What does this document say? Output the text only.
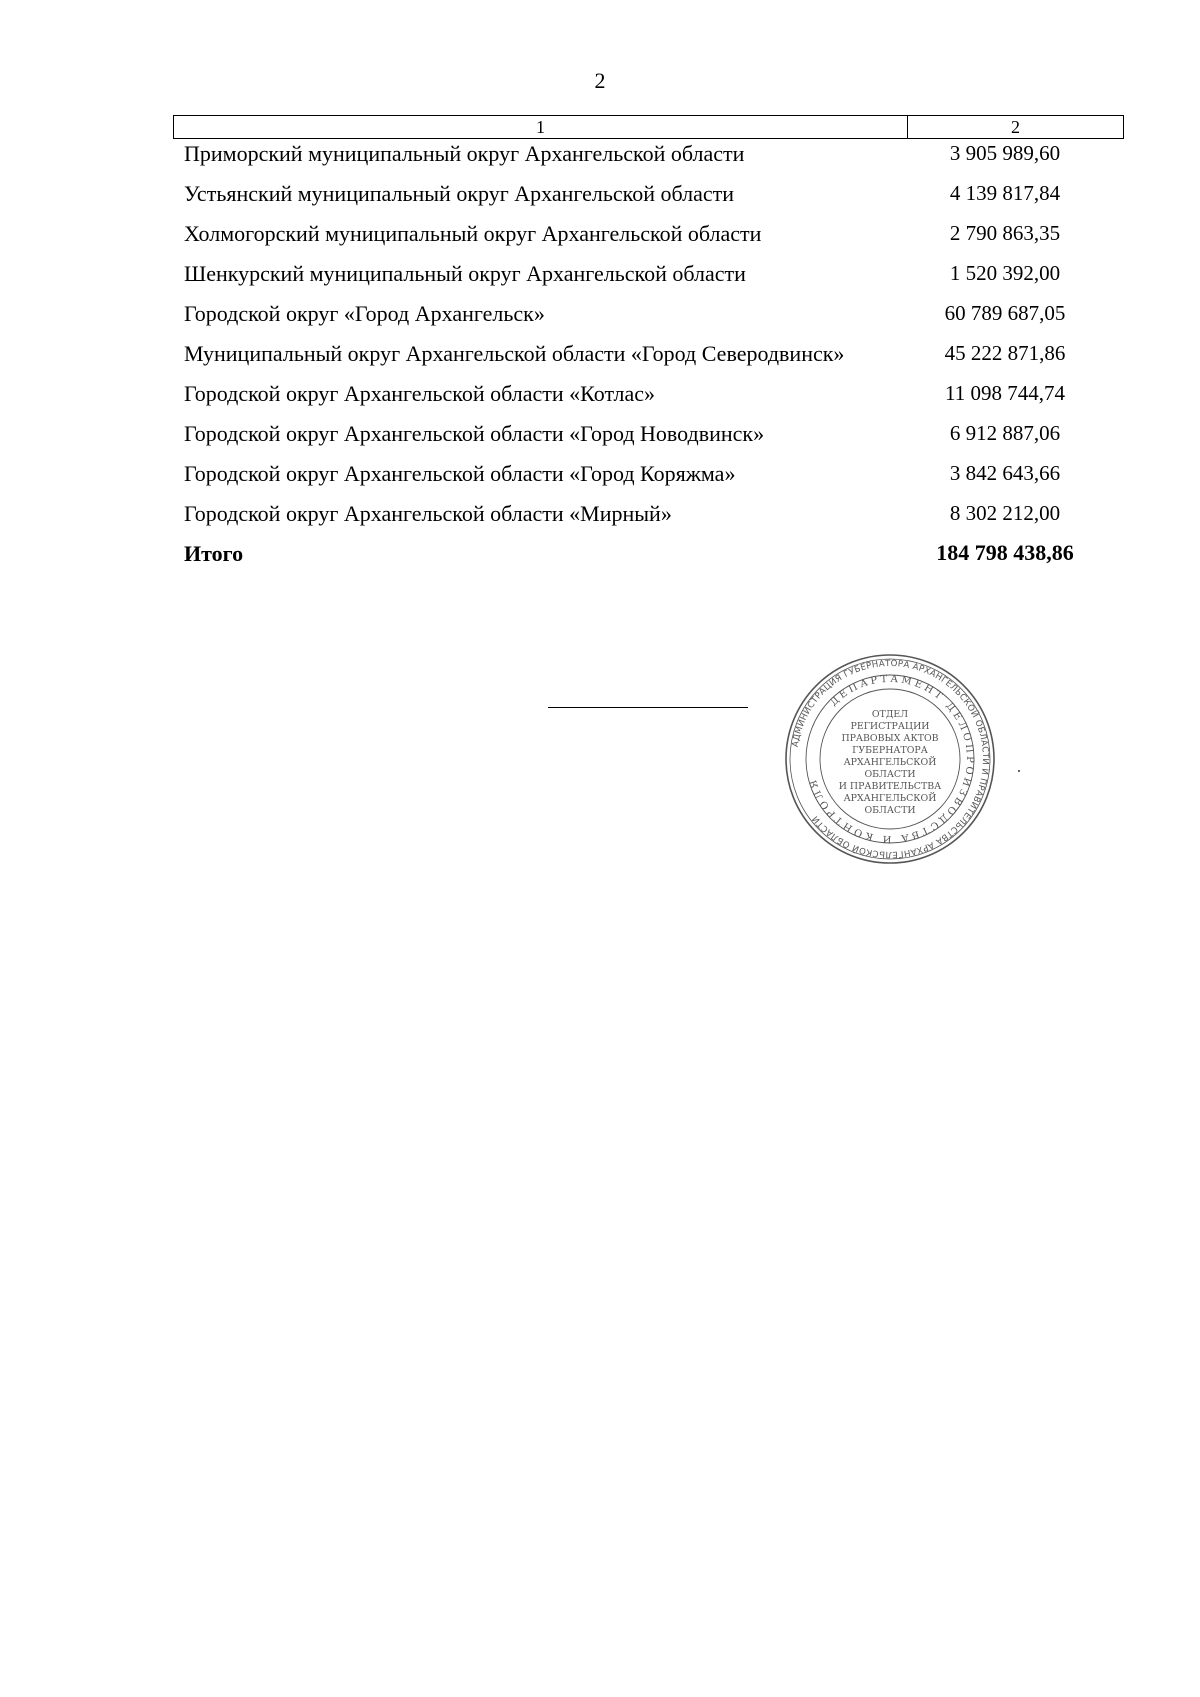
2
1	2
Приморский муниципальный округ Архангельской области	3 905 989,60
Устьянский муниципальный округ Архангельской области	4 139 817,84
Холмогорский муниципальный округ Архангельской области	2 790 863,35
Шенкурский муниципальный округ Архангельской области	1 520 392,00
Городской округ «Город Архангельск»	60 789 687,05
Муниципальный округ Архангельской области «Город Северодвинск»	45 222 871,86
Городской округ Архангельской области «Котлас»	11 098 744,74
Городской округ Архангельской области «Город Новодвинск»	6 912 887,06
Городской округ Архангельской области «Город Коряжма»	3 842 643,66
Городской округ Архангельской области «Мирный»	8 302 212,00
Итого	184 798 438,86
АДМИНИСТРАЦИЯ ГУБЕРНАТОРА АРХАНГЕЛЬСКОЙ ОБЛАСТИ И ПРАВИТЕЛЬСТВА АРХАНГЕЛЬСКОЙ ОБЛАСТИ
ДЕПАРТАМЕНТ ДЕЛОПРОИЗВОДСТВА И КОНТРОЛЯ
ОТДЕЛ
РЕГИСТРАЦИИ
ПРАВОВЫХ АКТОВ
ГУБЕРНАТОРА
АРХАНГЕЛЬСКОЙ
ОБЛАСТИ
И ПРАВИТЕЛЬСТВА
АРХАНГЕЛЬСКОЙ
ОБЛАСТИ
